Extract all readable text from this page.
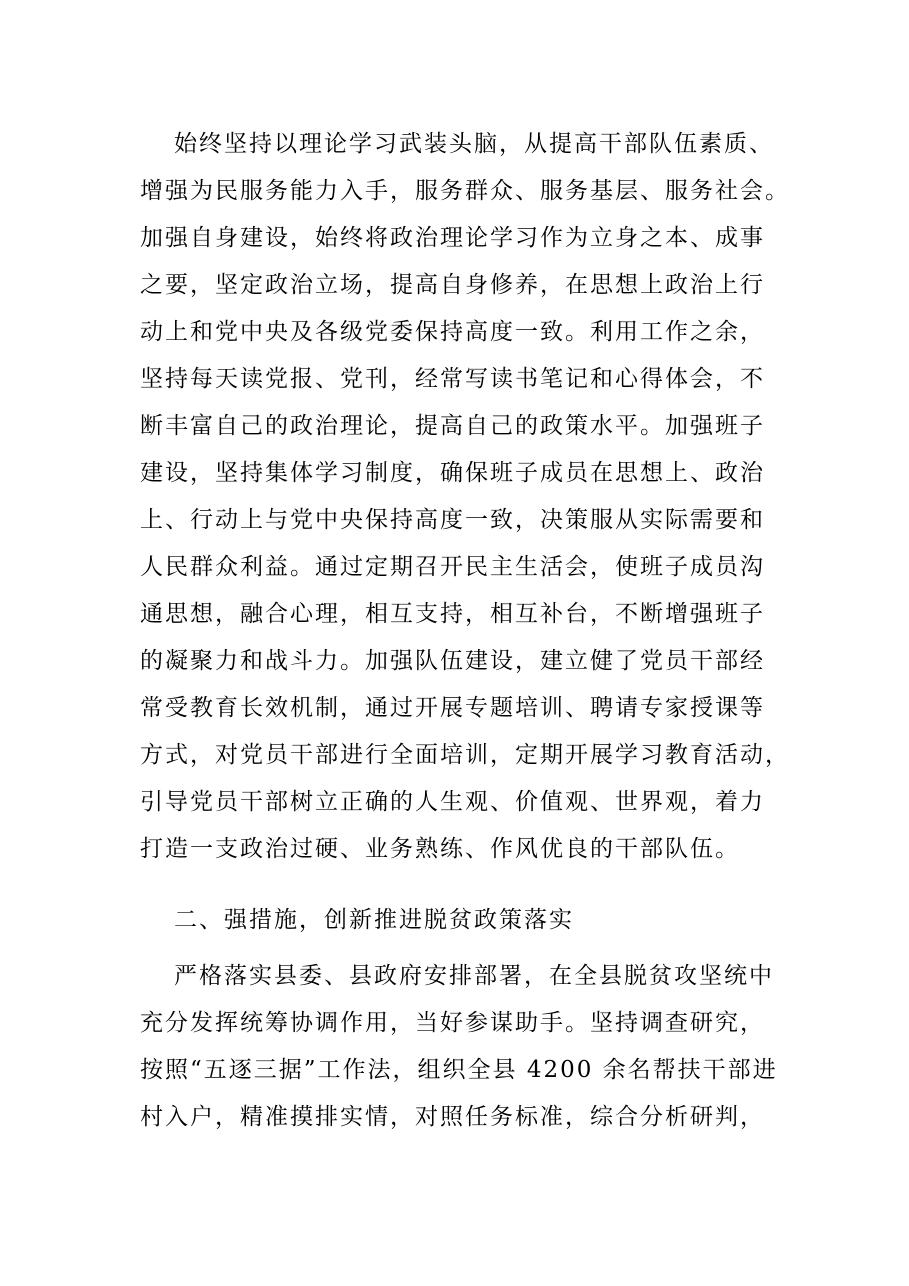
始终坚持以理论学习武装头脑，从提高干部队伍素质、
增强为民服务能力入手，服务群众、服务基层、服务社会。
加强自身建设，始终将政治理论学习作为立身之本、成事
之要，坚定政治立场，提高自身修养，在思想上政治上行
动上和党中央及各级党委保持高度一致。利用工作之余，
坚持每天读党报、党刊，经常写读书笔记和心得体会，不
断丰富自己的政治理论，提高自己的政策水平。加强班子
建设，坚持集体学习制度，确保班子成员在思想上、政治
上、行动上与党中央保持高度一致，决策服从实际需要和
人民群众利益。通过定期召开民主生活会，使班子成员沟
通思想，融合心理，相互支持，相互补台，不断增强班子
的凝聚力和战斗力。加强队伍建设，建立健了党员干部经
常受教育长效机制，通过开展专题培训、聘请专家授课等
方式，对党员干部进行全面培训，定期开展学习教育活动，
引导党员干部树立正确的人生观、价值观、世界观，着力
打造一支政治过硬、业务熟练、作风优良的干部队伍。
二、强措施，创新推进脱贫政策落实
严格落实县委、县政府安排部署，在全县脱贫攻坚统中
充分发挥统筹协调作用，当好参谋助手。坚持调查研究，
按照“五逐三据”工作法，组织全县 4200 余名帮扶干部进
村入户，精准摸排实情，对照任务标准，综合分析研判，
